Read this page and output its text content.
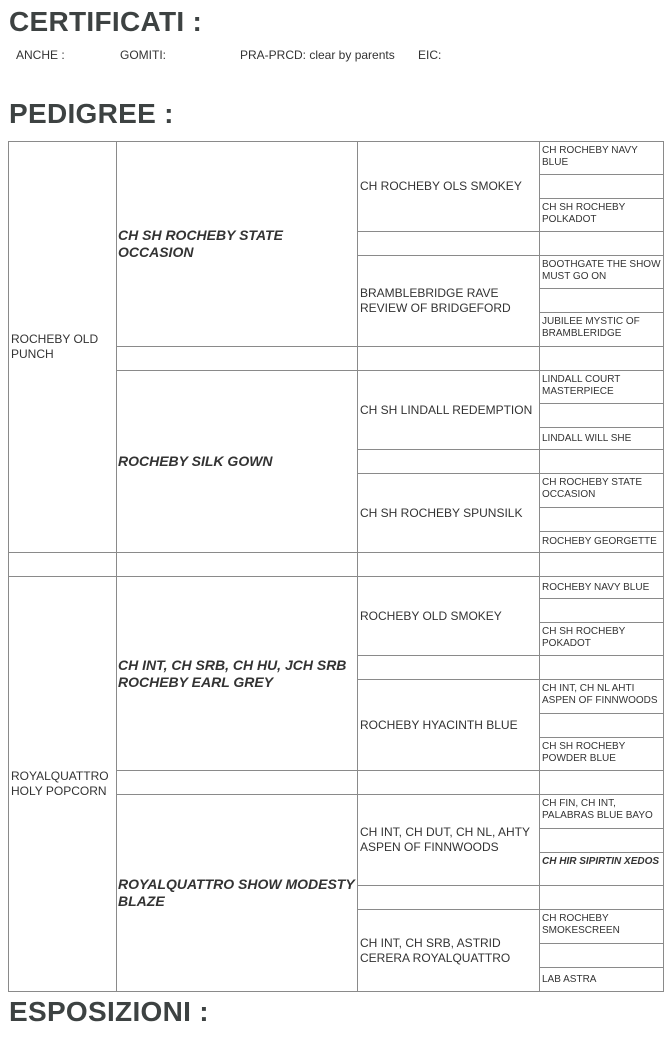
CERTIFICATI :
ANCHE :	GOMITI:	PRA-PRCD: clear by parents EIC:
PEDIGREE :
ROCHEBY OLD PUNCH
ROYALQUATTRO HOLY POPCORN
CH SH ROCHEBY STATE OCCASION
ROCHEBY SILK GOWN
CH INT, CH SRB, CH HU, JCH SRB ROCHEBY EARL GREY
ROYALQUATTRO SHOW MODESTY BLAZE
CH ROCHEBY OLS SMOKEY
BRAMBLEBRIDGE RAVE REVIEW OF BRIDGEFORD
CH SH LINDALL REDEMPTION
CH SH ROCHEBY SPUNSILK
ROCHEBY OLD SMOKEY
ROCHEBY HYACINTH BLUE
CH INT, CH DUT, CH NL, AHTY ASPEN OF FINNWOODS
CH INT, CH SRB, ASTRID CERERA ROYALQUATTRO
CH ROCHEBY NAVY BLUE
CH SH ROCHEBY POLKADOT
BOOTHGATE THE SHOW MUST GO ON
JUBILEE MYSTIC OF BRAMBLERIDGE
LINDALL COURT MASTERPIECE
LINDALL WILL SHE
CH ROCHEBY STATE OCCASION
ROCHEBY GEORGETTE
ROCHEBY NAVY BLUE
CH SH ROCHEBY POKADOT
CH INT, CH NL AHTI ASPEN OF FINNWOODS
CH SH ROCHEBY POWDER BLUE
CH FIN, CH INT, PALABRAS BLUE BAYO
CH HIR SIPIRTIN XEDOS
CH ROCHEBY SMOKESCREEN
LAB ASTRA
ESPOSIZIONI :
